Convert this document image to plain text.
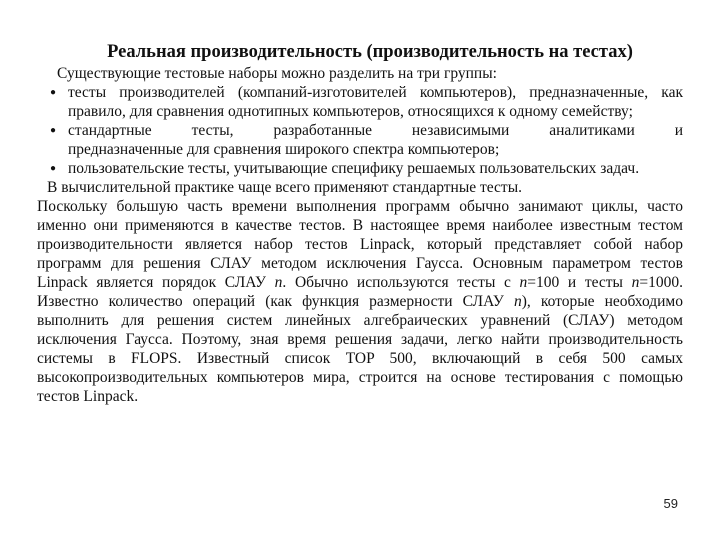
Реальная производительность (производительность на тестах)

Существующие тестовые наборы можно разделить на три группы:

● тесты производителей (компаний-изготовителей компьютеров), предназначенные, как правило, для сравнения однотипных компьютеров, относящихся к одному семейству;
● стандартные тесты, разработанные независимыми аналитиками и
предназначенные для сравнения широкого спектра компьютеров;
● пользовательские тесты, учитывающие специфику решаемых пользовательских задач.

В вычислительной практике чаще всего применяют стандартные тесты.

Поскольку большую часть времени выполнения программ обычно занимают циклы, часто именно они применяются в качестве тестов. В настоящее время наиболее известным тестом производительности является набор тестов Linpack, который представляет собой набор программ для решения СЛАУ методом исключения Гаусса. Основным параметром тестов Linpack является порядок СЛАУ n. Обычно используются тесты с n=100 и тесты n=1000. Известно количество операций (как функция размерности СЛАУ n), которые необходимо выполнить для решения систем линейных алгебраических уравнений (СЛАУ) методом исключения Гаусса. Поэтому, зная время решения задачи, легко найти производительность системы в FLOPS. Известный список TOP 500, включающий в себя 500 самых высокопроизводительных компьютеров мира, строится на основе тестирования с помощью тестов Linpack.

59
